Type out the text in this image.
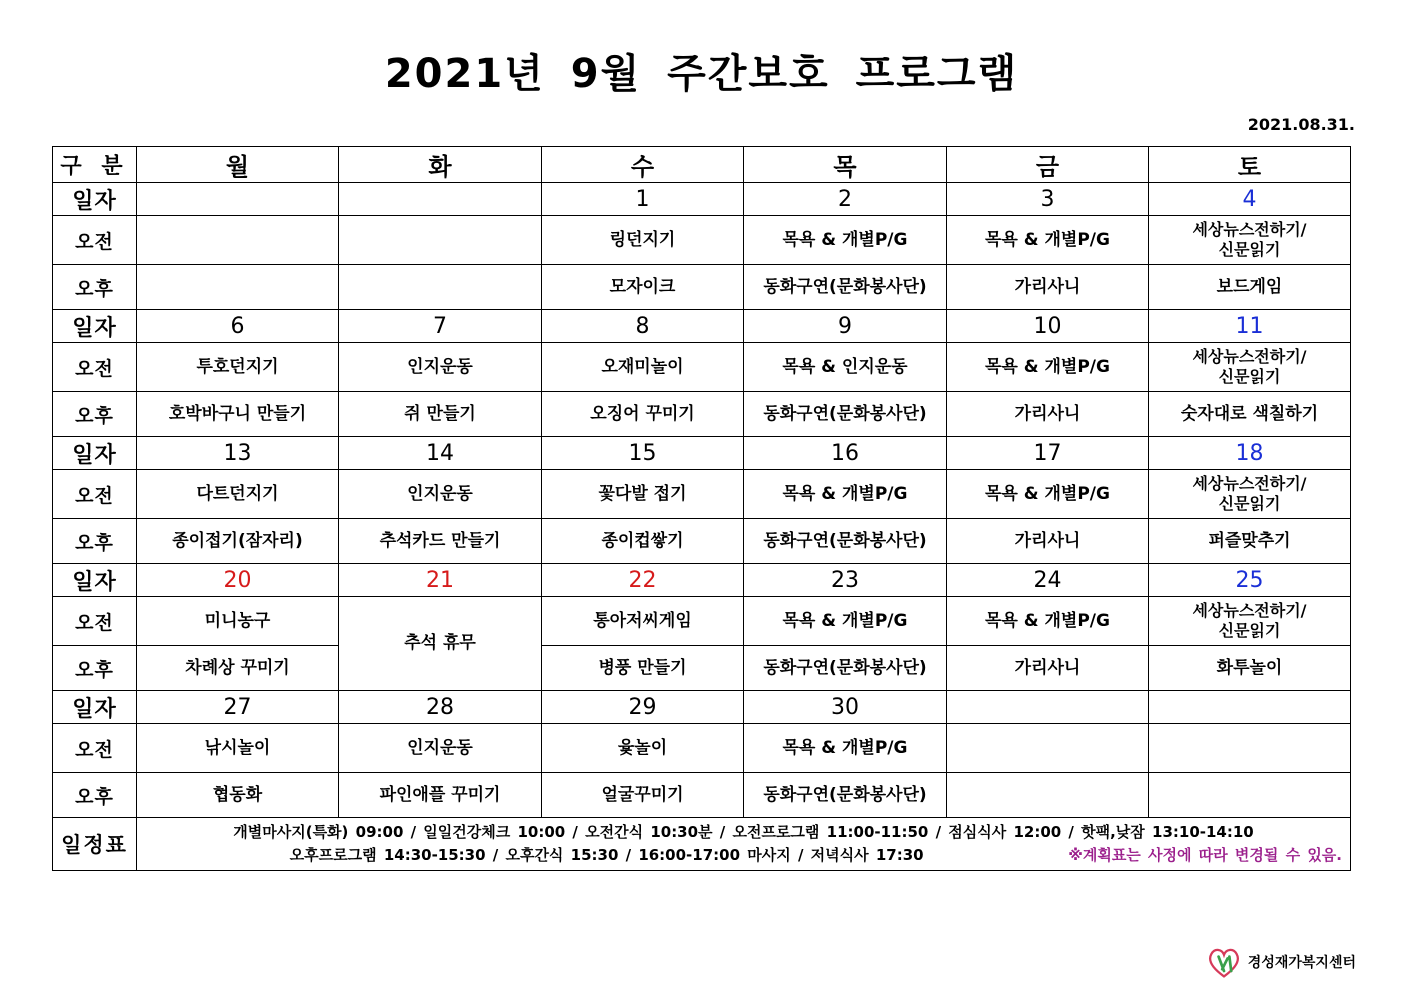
2021년 9월 주간보호 프로그램
2021.08.31.
구 분	월	화	수	목	금	토
일자			1	2	3	4
오전			링던지기	목욕 & 개별P/G	목욕 & 개별P/G	세상뉴스전하기/
신문읽기

오후			모자이크	동화구연(문화봉사단)	가리사니	보드게임

일자	6	7	8	9	10	11
오전	투호던지기	인지운동	오재미놀이	목욕 & 인지운동	목욕 & 개별P/G	세상뉴스전하기/
신문읽기

오후	호박바구니 만들기	쥐 만들기	오징어 꾸미기	동화구연(문화봉사단)	가리사니	숫자대로 색칠하기

일자	13	14	15	16	17	18
오전	다트던지기	인지운동	꽃다발 접기	목욕 & 개별P/G	목욕 & 개별P/G	세상뉴스전하기/
신문읽기

오후	종이접기(잠자리)	추석카드 만들기	종이컵쌓기	동화구연(문화봉사단)	가리사니	퍼즐맞추기

일자	20	21	22	23	24	25
오전	미니농구	추석 휴무	통아저씨게임	목욕 & 개별P/G	목욕 & 개별P/G	세상뉴스전하기/
신문읽기

오후	차례상 꾸미기		병풍 만들기	동화구연(문화봉사단)	가리사니	화투놀이

일자	27	28	29	30		
오전	낚시놀이	인지운동	윷놀이	목욕 & 개별P/G		

오후	협동화	파인애플 꾸미기	얼굴꾸미기	동화구연(문화봉사단)		

일정표	개별마사지(특화) 09:00 / 일일건강체크 10:00 / 오전간식 10:30분 / 오전프로그램 11:00-11:50 / 점심식사 12:00 / 핫팩,낮잠 13:10-14:10
오후프로그램 14:30-15:30 / 오후간식 15:30 / 16:00-17:00 마사지 / 저녁식사 17:30 ※계획표는 사정에 따라 변경될 수 있음.					
경성재가복지센터
